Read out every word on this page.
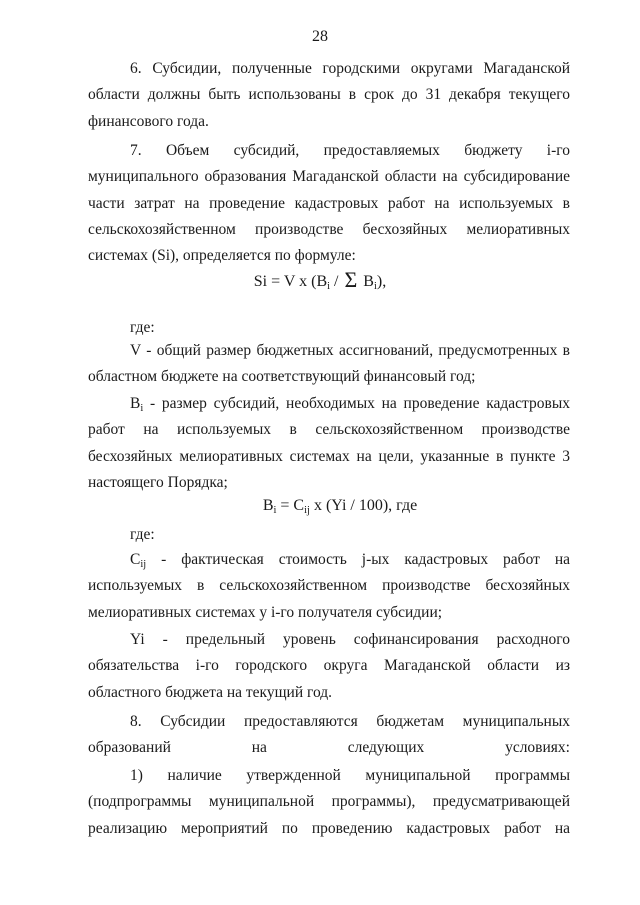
28
6. Субсидии, полученные городскими округами Магаданской области должны быть использованы в срок до 31 декабря текущего финансового года.
7. Объем субсидий, предоставляемых бюджету i-го муниципального образования Магаданской области на субсидирование части затрат на проведение кадастровых работ на используемых в сельскохозяйственном производстве бесхозяйных мелиоративных системах (Si), определяется по формуле:
Si = V x ($B_i$ / Σ $B_i$),
где:
V - общий размер бюджетных ассигнований, предусмотренных в областном бюджете на соответствующий финансовый год;
$B_i$ - размер субсидий, необходимых на проведение кадастровых работ на используемых в сельскохозяйственном производстве бесхозяйных мелиоративных системах на цели, указанные в пункте 3 настоящего Порядка;
$B_i = C_{ij}$ x (Yi / 100), где
где:
$C_{ij}$ - фактическая стоимость j-ых кадастровых работ на используемых в сельскохозяйственном производстве бесхозяйных мелиоративных системах у i-го получателя субсидии;
Yi - предельный уровень софинансирования расходного обязательства i-го городского округа Магаданской области из областного бюджета на текущий год.
8. Субсидии предоставляются бюджетам муниципальных образований на следующих условиях:
1) наличие утвержденной муниципальной программы (подпрограммы муниципальной программы), предусматривающей реализацию мероприятий по проведению кадастровых работ на
